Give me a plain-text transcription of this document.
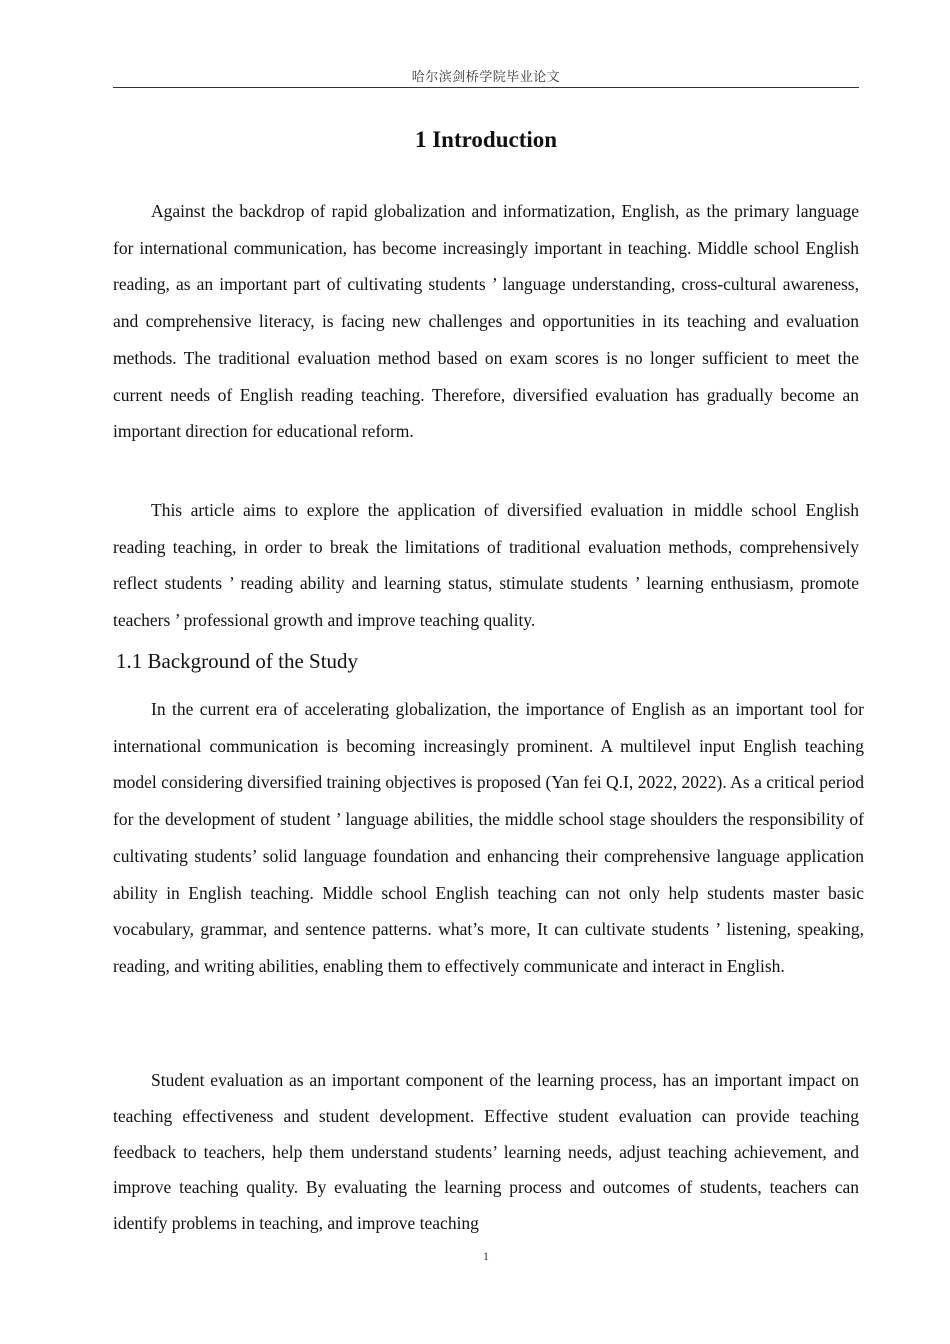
哈尔滨剑桥学院毕业论文
1 Introduction

Against the backdrop of rapid globalization and informatization, English, as the primary language for international communication, has become increasingly important in teaching. Middle school English reading, as an important part of cultivating students ’ language understanding, cross-cultural awareness, and comprehensive literacy, is facing new challenges and opportunities in its teaching and evaluation methods. The traditional evaluation method based on exam scores is no longer sufficient to meet the current needs of English reading teaching. Therefore, diversified evaluation has gradually become an important direction for educational reform.

This article aims to explore the application of diversified evaluation in middle school English reading teaching, in order to break the limitations of traditional evaluation methods, comprehensively reflect students ’ reading ability and learning status, stimulate students ’ learning enthusiasm, promote teachers ’ professional growth and improve teaching quality.

1.1 Background of the Study

In the current era of accelerating globalization, the importance of English as an important tool for international communication is becoming increasingly prominent. A multilevel input English teaching model considering diversified training objectives is proposed (Yan fei Q.I, 2022, 2022). As a critical period for the development of student ’ language abilities, the middle school stage shoulders the responsibility of cultivating students’ solid language foundation and enhancing their comprehensive language application ability in English teaching. Middle school English teaching can not only help students master basic vocabulary, grammar, and sentence patterns. what’s more, It can cultivate students ’ listening, speaking, reading, and writing abilities, enabling them to effectively communicate and interact in English.

Student evaluation as an important component of the learning process, has an important impact on teaching effectiveness and student development. Effective student evaluation can provide teaching feedback to teachers, help them understand students’ learning needs, adjust teaching achievement, and improve teaching quality. By evaluating the learning process and outcomes of students, teachers can identify problems in teaching, and improve teaching

1
